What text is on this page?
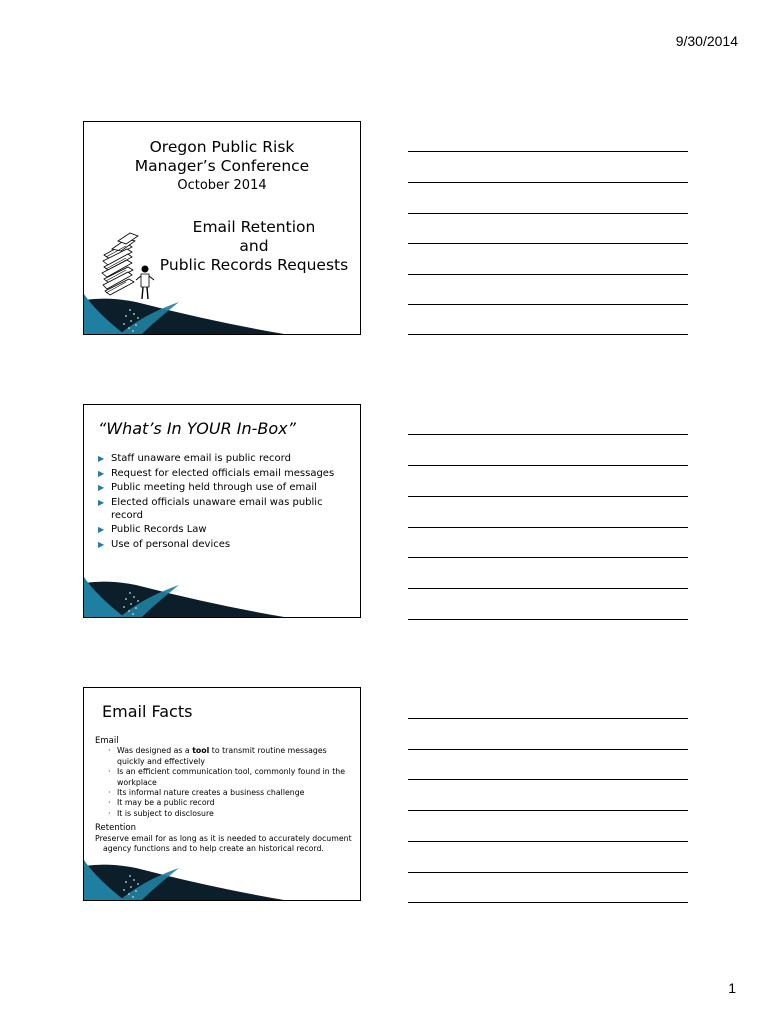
9/30/2014
Oregon Public Risk
Manager’s Conference
October 2014
Email Retention
and
Public Records Requests
“What’s In YOUR In-Box”
▶ Staff unaware email is public record
▶ Request for elected officials email messages
▶ Public meeting held through use of email
▶ Elected officials unaware email was public record
▶ Public Records Law
▶ Use of personal devices
Email Facts
Email
· Was designed as a tool to transmit routine messages quickly and effectively
· Is an efficient communication tool, commonly found in the workplace
· Its informal nature creates a business challenge
· It may be a public record
· It is subject to disclosure
Retention
Preserve email for as long as it is needed to accurately document agency functions and to help create an historical record.
1
